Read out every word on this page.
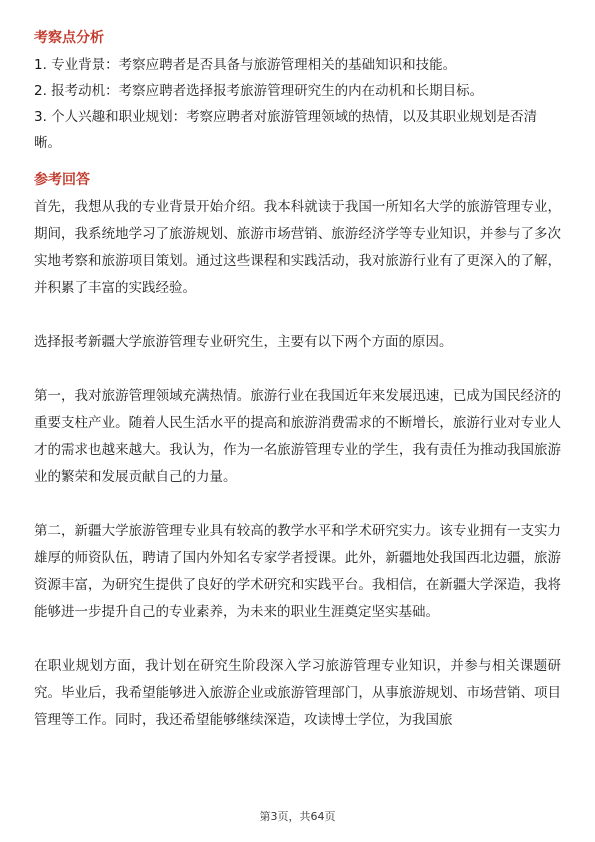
考察点分析
1. 专业背景：考察应聘者是否具备与旅游管理相关的基础知识和技能。
2. 报考动机：考察应聘者选择报考旅游管理研究生的内在动机和长期目标。
3. 个人兴趣和职业规划：考察应聘者对旅游管理领域的热情，以及其职业规划是否清晰。
参考回答

首先，我想从我的专业背景开始介绍。我本科就读于我国一所知名大学的旅游管理专业，期间，我系统地学习了旅游规划、旅游市场营销、旅游经济学等专业知识，并参与了多次实地考察和旅游项目策划。通过这些课程和实践活动，我对旅游行业有了更深入的了解，并积累了丰富的实践经验。

选择报考新疆大学旅游管理专业研究生，主要有以下两个方面的原因。

第一，我对旅游管理领域充满热情。旅游行业在我国近年来发展迅速，已成为国民经济的重要支柱产业。随着人民生活水平的提高和旅游消费需求的不断增长，旅游行业对专业人才的需求也越来越大。我认为，作为一名旅游管理专业的学生，我有责任为推动我国旅游业的繁荣和发展贡献自己的力量。

第二，新疆大学旅游管理专业具有较高的教学水平和学术研究实力。该专业拥有一支实力雄厚的师资队伍，聘请了国内外知名专家学者授课。此外，新疆地处我国西北边疆，旅游资源丰富，为研究生提供了良好的学术研究和实践平台。我相信，在新疆大学深造，我将能够进一步提升自己的专业素养，为未来的职业生涯奠定坚实基础。

在职业规划方面，我计划在研究生阶段深入学习旅游管理专业知识，并参与相关课题研究。毕业后，我希望能够进入旅游企业或旅游管理部门，从事旅游规划、市场营销、项目管理等工作。同时，我还希望能够继续深造，攻读博士学位，为我国旅

第3页，共64页
